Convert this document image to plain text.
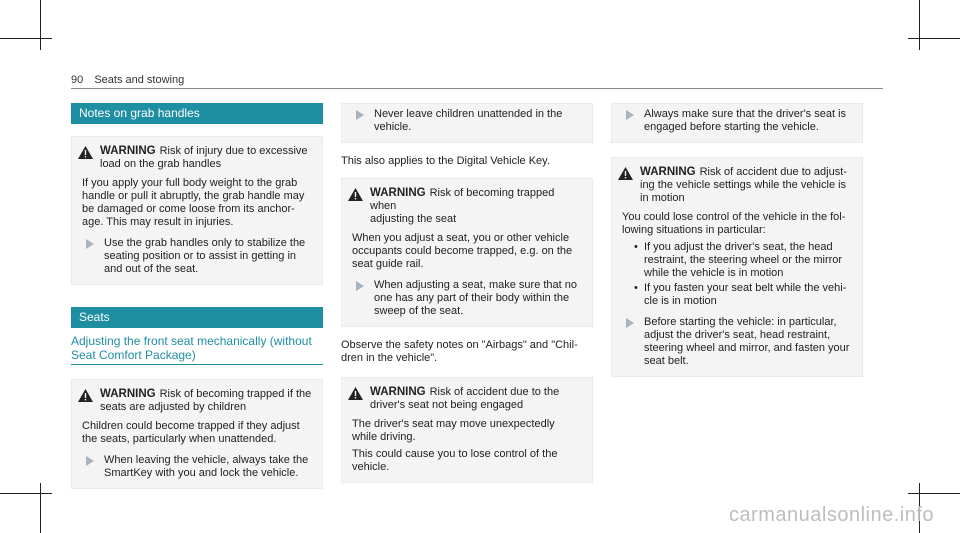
90 Seats and stowing
Notes on grab handles
WARNING Risk of injury due to excessive
load on the grab handles
If you apply your full body weight to the grab handle or pull it abruptly, the grab handle may be damaged or come loose from its anchor-age. This may result in injuries.
Use the grab handles only to stabilize the seating position or to assist in getting in and out of the seat.
Seats
Adjusting the front seat mechanically (without Seat Comfort Package)
WARNING Risk of becoming trapped if the
seats are adjusted by children
Children could become trapped if they adjust the seats, particularly when unattended.
When leaving the vehicle, always take the SmartKey with you and lock the vehicle.
Never leave children unattended in the vehicle.
This also applies to the Digital Vehicle Key.
WARNING Risk of becoming trapped when
adjusting the seat
When you adjust a seat, you or other vehicle occupants could become trapped, e.g. on the seat guide rail.
When adjusting a seat, make sure that no one has any part of their body within the sweep of the seat.
Observe the safety notes on "Airbags" and "Chil-dren in the vehicle".
WARNING Risk of accident due to the
driver's seat not being engaged
The driver's seat may move unexpectedly while driving.
This could cause you to lose control of the vehicle.
Always make sure that the driver's seat is engaged before starting the vehicle.
WARNING Risk of accident due to adjust-
ing the vehicle settings while the vehicle is
in motion
You could lose control of the vehicle in the fol-lowing situations in particular:
• If you adjust the driver's seat, the head restraint, the steering wheel or the mirror while the vehicle is in motion
• If you fasten your seat belt while the vehi-cle is in motion
Before starting the vehicle: in particular, adjust the driver's seat, head restraint, steering wheel and mirror, and fasten your seat belt.
carmanualsonline.info
